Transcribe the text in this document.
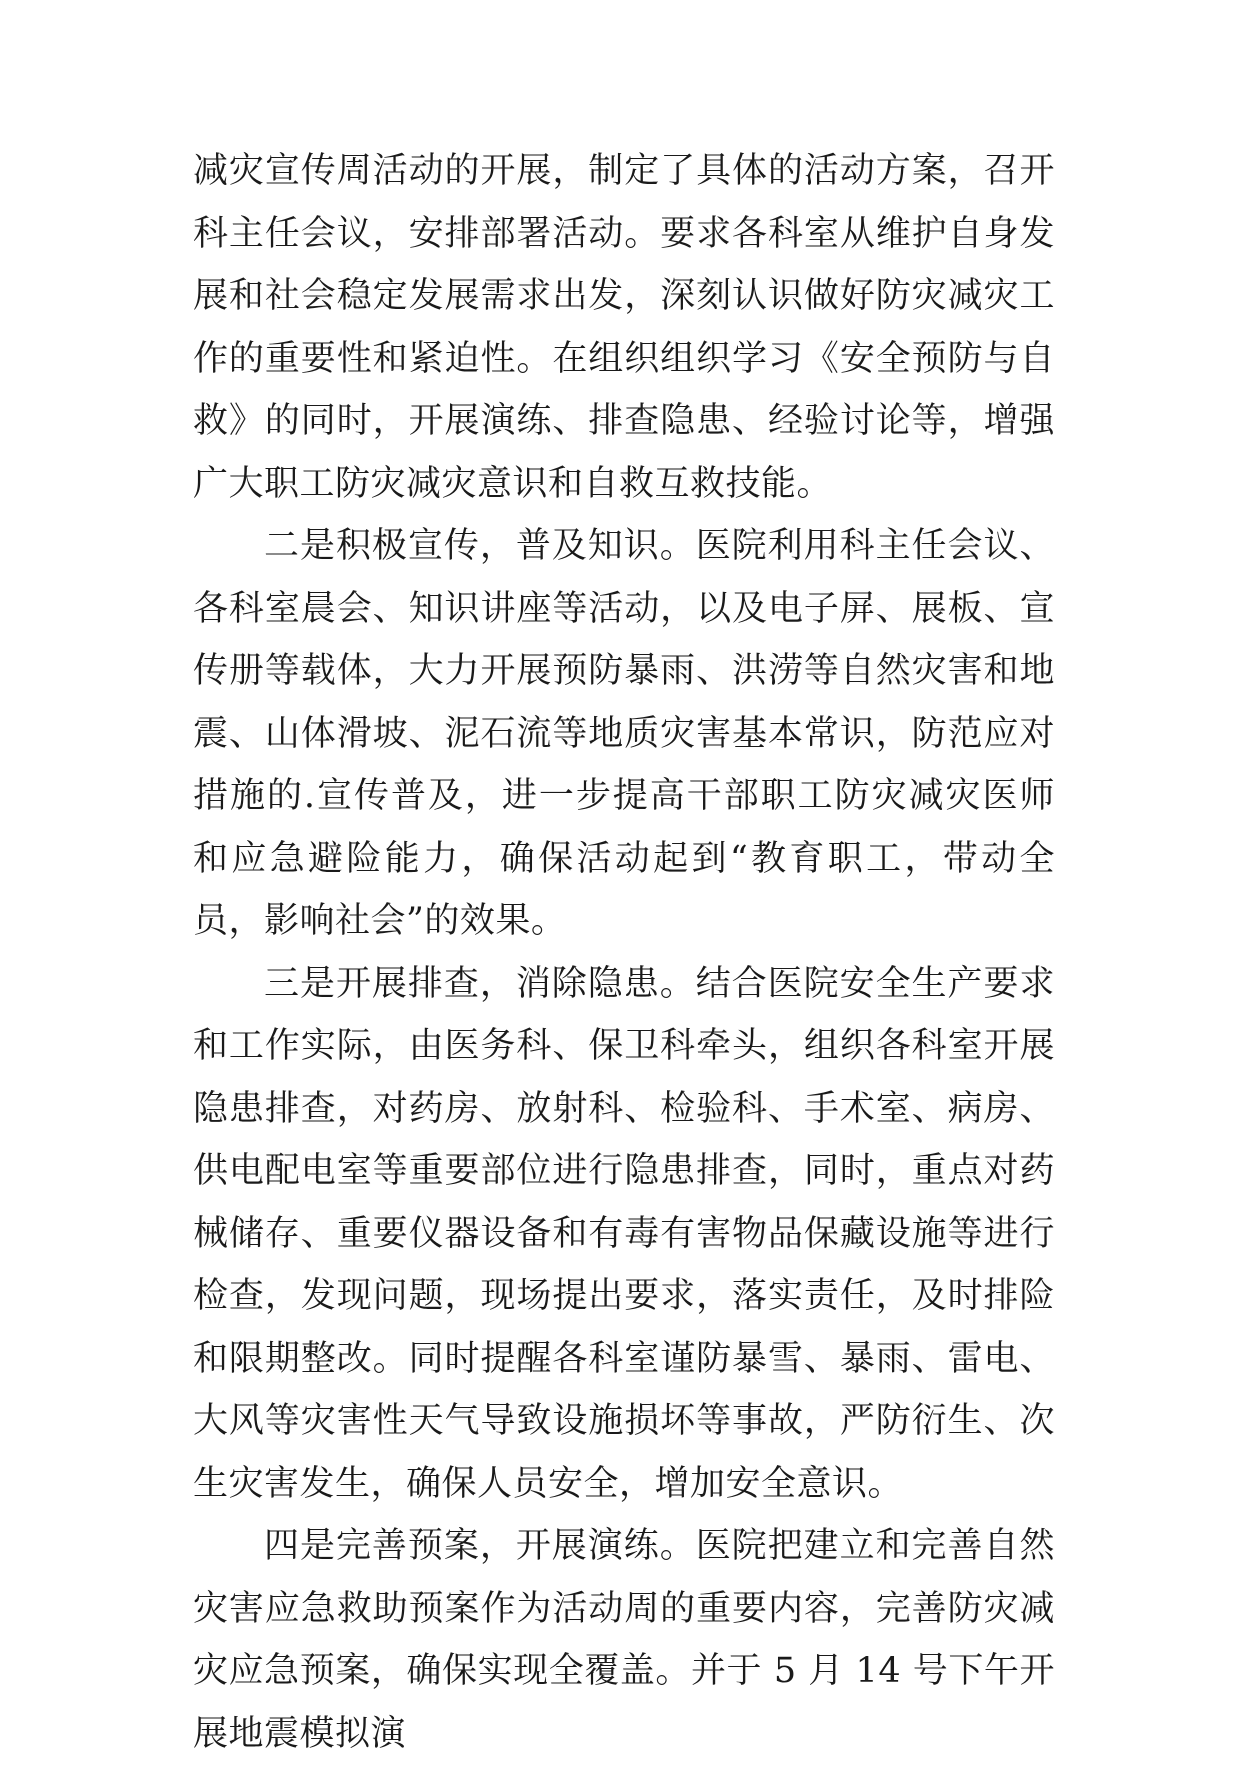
减灾宣传周活动的开展，制定了具体的活动方案，召开科主任会议，安排部署活动。要求各科室从维护自身发展和社会稳定发展需求出发，深刻认识做好防灾减灾工作的重要性和紧迫性。在组织组织学习《安全预防与自救》的同时，开展演练、排查隐患、经验讨论等，增强广大职工防灾减灾意识和自救互救技能。

二是积极宣传，普及知识。医院利用科主任会议、各科室晨会、知识讲座等活动，以及电子屏、展板、宣传册等载体，大力开展预防暴雨、洪涝等自然灾害和地震、山体滑坡、泥石流等地质灾害基本常识，防范应对措施的.宣传普及，进一步提高干部职工防灾减灾医师和应急避险能力，确保活动起到“教育职工，带动全员，影响社会”的效果。

三是开展排查，消除隐患。结合医院安全生产要求和工作实际，由医务科、保卫科牵头，组织各科室开展隐患排查，对药房、放射科、检验科、手术室、病房、供电配电室等重要部位进行隐患排查，同时，重点对药械储存、重要仪器设备和有毒有害物品保藏设施等进行检查，发现问题，现场提出要求，落实责任，及时排险和限期整改。同时提醒各科室谨防暴雪、暴雨、雷电、大风等灾害性天气导致设施损坏等事故，严防衍生、次生灾害发生，确保人员安全，增加安全意识。

四是完善预案，开展演练。医院把建立和完善自然灾害应急救助预案作为活动周的重要内容，完善防灾减灾应急预案，确保实现全覆盖。并于 5 月 14 号下午开展地震模拟演
